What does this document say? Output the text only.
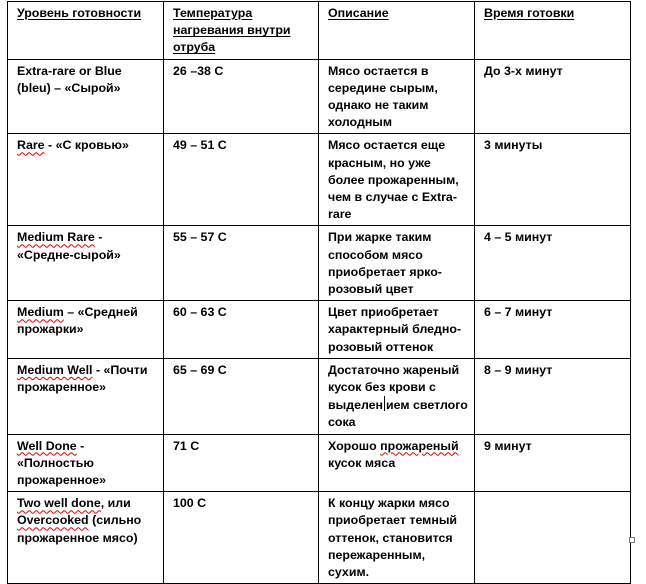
Уровень готовности	Температура нагревания внутри отруба	Описание	Время готовки
Extra-rare or Blue (bleu) – «Сырой»	26 –38 С	Мясо остается в середине сырым, однако не таким холодным	До 3-х минут
Rare - «С кровью»	49 – 51 С	Мясо остается еще красным, но уже более прожаренным, чем в случае с Extra-rare	3 минуты
Medium Rare - «Средне-сырой»	55 – 57 С	При жарке таким способом мясо приобретает ярко-розовый цвет	4 – 5 минут
Medium – «Средней прожарки»	60 – 63 С	Цвет приобретает характерный бледно-розовый оттенок	6 – 7 минут
Medium Well - «Почти прожаренное»	65 – 69 С	Достаточно жареный кусок без крови с выделен ием светлого сока	8 – 9 минут
Well Done - «Полностью прожаренное»	71 С	Хорошо прожареный кусок мяса	9 минут
Two well done, или Overcooked (сильно прожаренное мясо)	100 С	К концу жарки мясо приобретает темный оттенок, становится пережаренным, сухим.	
